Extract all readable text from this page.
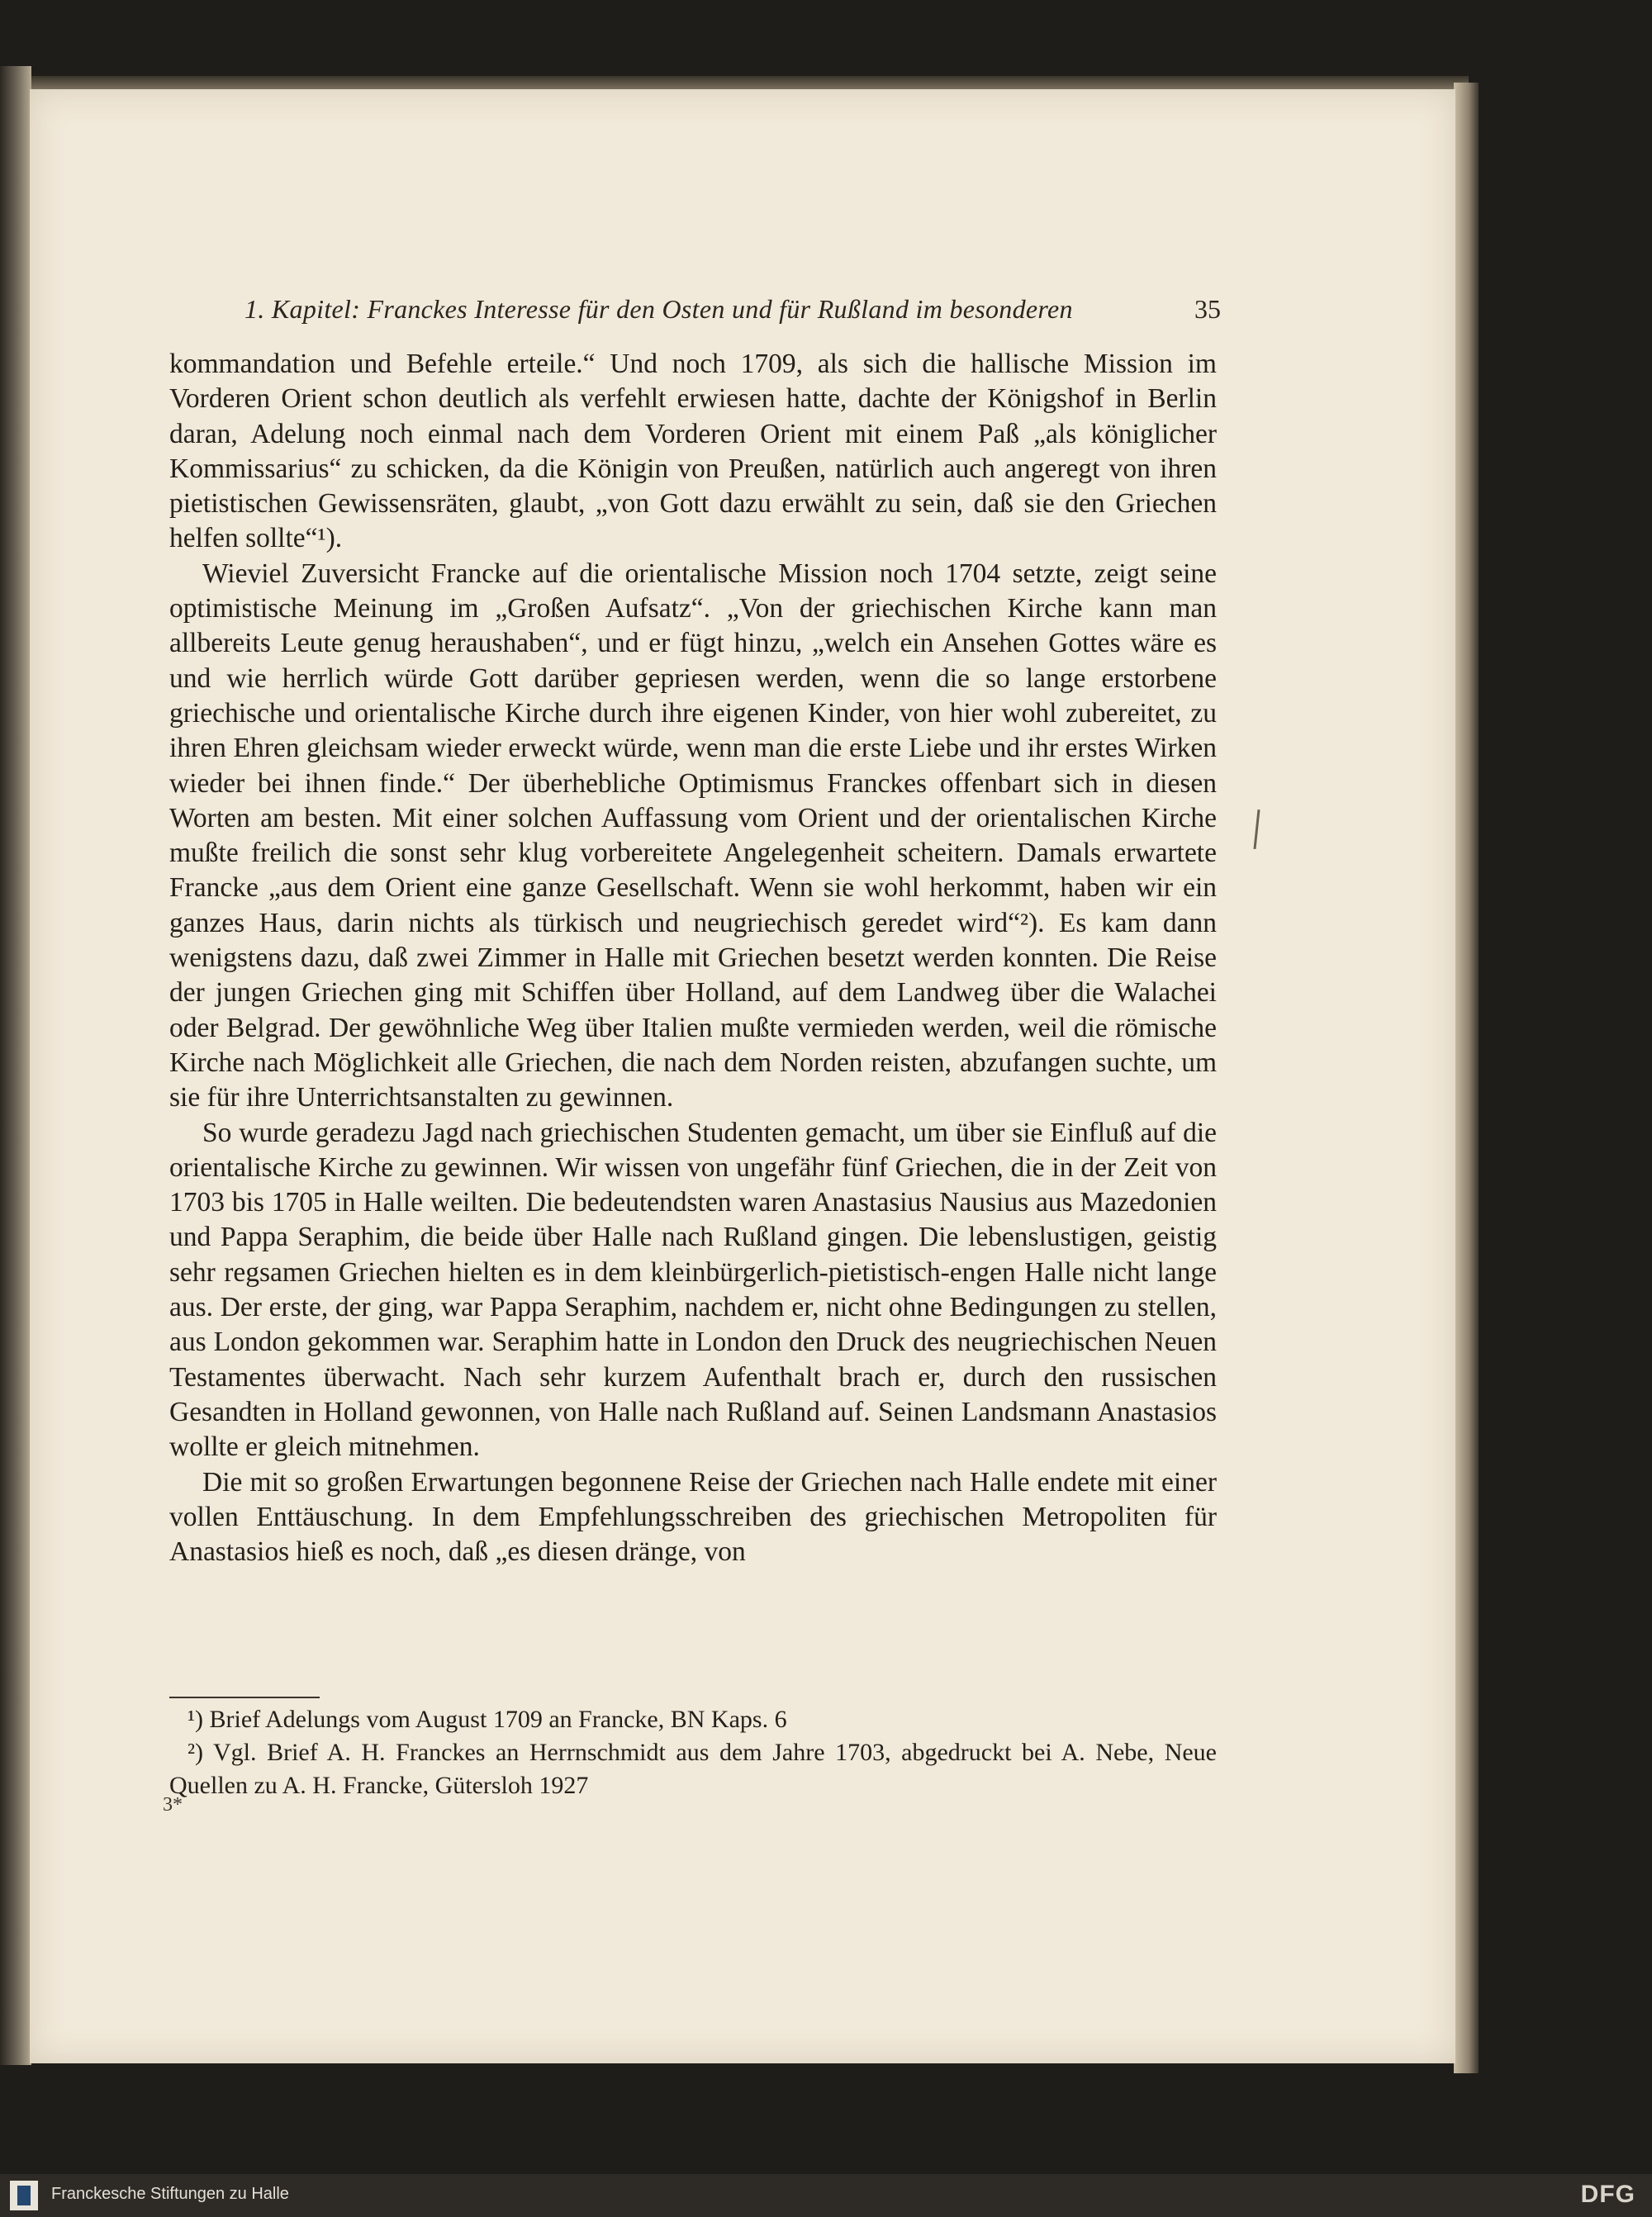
1. Kapitel: Franckes Interesse für den Osten und für Rußland im besonderen	35

kommandation und Befehle erteile.“ Und noch 1709, als sich die hallische Mission im Vorderen Orient schon deutlich als verfehlt erwiesen hatte, dachte der Königshof in Berlin daran, Adelung noch einmal nach dem Vorderen Orient mit einem Paß „als königlicher Kommissarius“ zu schicken, da die Königin von Preußen, natürlich auch angeregt von ihren pietistischen Gewissensräten, glaubt, „von Gott dazu erwählt zu sein, daß sie den Griechen helfen sollte“¹).

Wieviel Zuversicht Francke auf die orientalische Mission noch 1704 setzte, zeigt seine optimistische Meinung im „Großen Aufsatz“. „Von der griechischen Kirche kann man allbereits Leute genug heraushaben“, und er fügt hinzu, „welch ein Ansehen Gottes wäre es und wie herrlich würde Gott darüber gepriesen werden, wenn die so lange erstorbene griechische und orientalische Kirche durch ihre eigenen Kinder, von hier wohl zubereitet, zu ihren Ehren gleichsam wieder erweckt würde, wenn man die erste Liebe und ihr erstes Wirken wieder bei ihnen finde.“ Der überhebliche Optimismus Franckes offenbart sich in diesen Worten am besten. Mit einer solchen Auffassung vom Orient und der orientalischen Kirche mußte freilich die sonst sehr klug vorbereitete Angelegenheit scheitern. Damals erwartete Francke „aus dem Orient eine ganze Gesellschaft. Wenn sie wohl herkommt, haben wir ein ganzes Haus, darin nichts als türkisch und neugriechisch geredet wird“²). Es kam dann wenigstens dazu, daß zwei Zimmer in Halle mit Griechen besetzt werden konnten. Die Reise der jungen Griechen ging mit Schiffen über Holland, auf dem Landweg über die Walachei oder Belgrad. Der gewöhnliche Weg über Italien mußte vermieden werden, weil die römische Kirche nach Möglichkeit alle Griechen, die nach dem Norden reisten, abzufangen suchte, um sie für ihre Unterrichtsanstalten zu gewinnen.

So wurde geradezu Jagd nach griechischen Studenten gemacht, um über sie Einfluß auf die orientalische Kirche zu gewinnen. Wir wissen von ungefähr fünf Griechen, die in der Zeit von 1703 bis 1705 in Halle weilten. Die bedeutendsten waren Anastasius Nausius aus Mazedonien und Pappa Seraphim, die beide über Halle nach Rußland gingen. Die lebenslustigen, geistig sehr regsamen Griechen hielten es in dem kleinbürgerlich-pietistisch-engen Halle nicht lange aus. Der erste, der ging, war Pappa Seraphim, nachdem er, nicht ohne Bedingungen zu stellen, aus London gekommen war. Seraphim hatte in London den Druck des neugriechischen Neuen Testamentes überwacht. Nach sehr kurzem Aufenthalt brach er, durch den russischen Gesandten in Holland gewonnen, von Halle nach Rußland auf. Seinen Landsmann Anastasios wollte er gleich mitnehmen.

Die mit so großen Erwartungen begonnene Reise der Griechen nach Halle endete mit einer vollen Enttäuschung. In dem Empfehlungsschreiben des griechischen Metropoliten für Anastasios hieß es noch, daß „es diesen dränge, von

¹) Brief Adelungs vom August 1709 an Francke, BN Kaps. 6

²) Vgl. Brief A. H. Franckes an Herrnschmidt aus dem Jahre 1703, abgedruckt bei A. Nebe, Neue Quellen zu A. H. Francke, Gütersloh 1927

3*
Franckesche Stiftungen zu Halle	DFG
